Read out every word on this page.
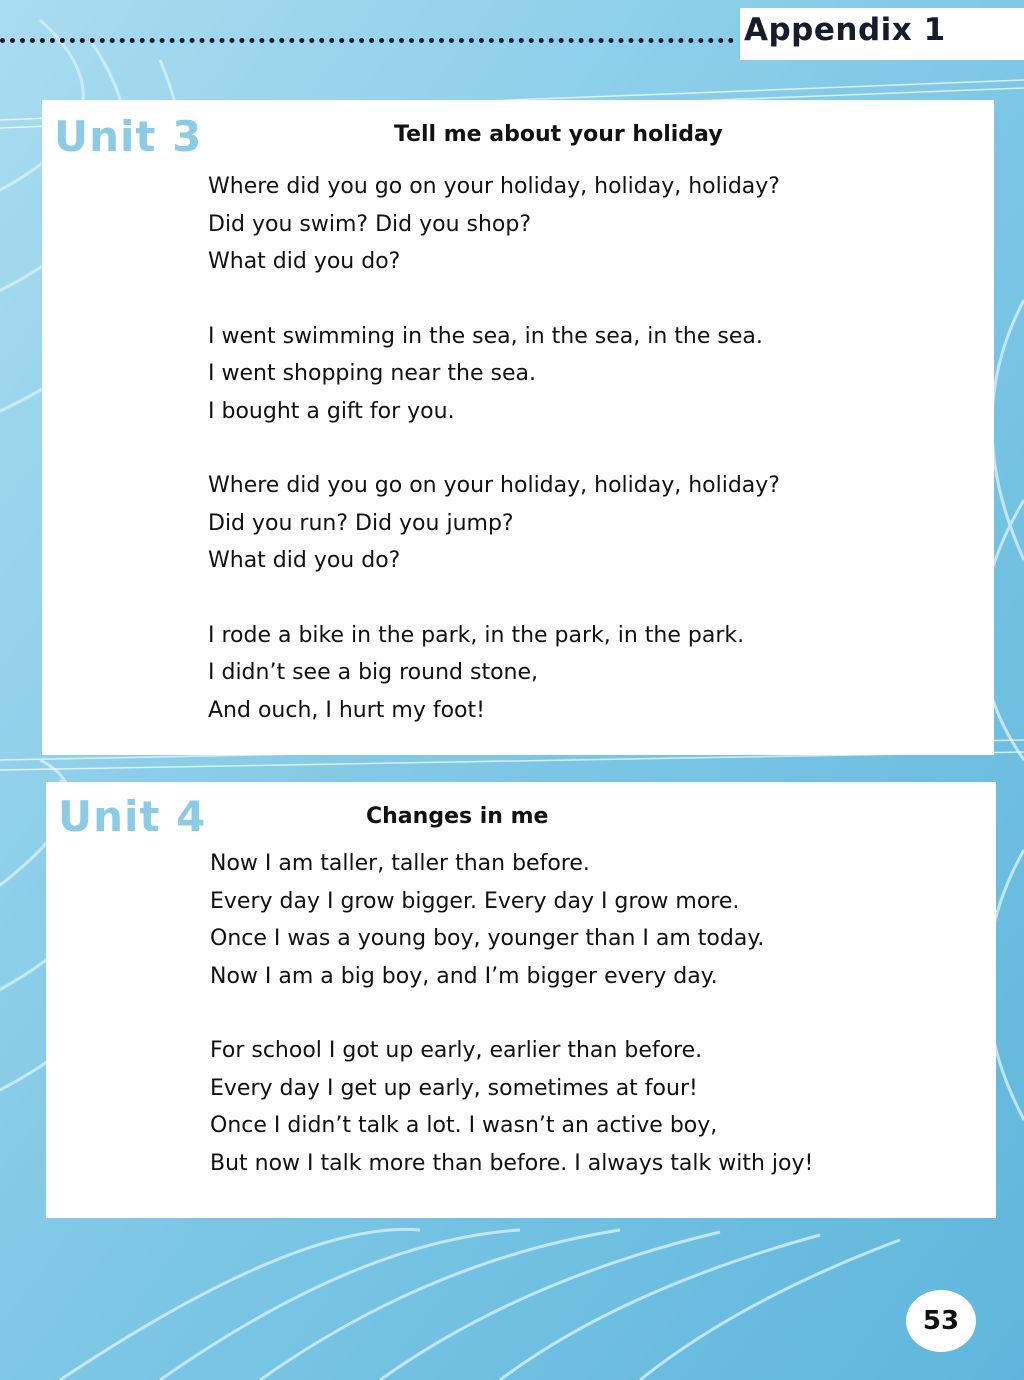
Appendix 1
Unit 3	Tell me about your holiday

Where did you go on your holiday, holiday, holiday?
Did you swim? Did you shop?
What did you do?

I went swimming in the sea, in the sea, in the sea.
I went shopping near the sea.
I bought a gift for you.

Where did you go on your holiday, holiday, holiday?
Did you run? Did you jump?
What did you do?

I rode a bike in the park, in the park, in the park.
I didn’t see a big round stone,
And ouch, I hurt my foot!

Unit 4	Changes in me

Now I am taller, taller than before.
Every day I grow bigger. Every day I grow more.
Once I was a young boy, younger than I am today.
Now I am a big boy, and I’m bigger every day.

For school I got up early, earlier than before.
Every day I get up early, sometimes at four!
Once I didn’t talk a lot. I wasn’t an active boy,
But now I talk more than before. I always talk with joy!

53
